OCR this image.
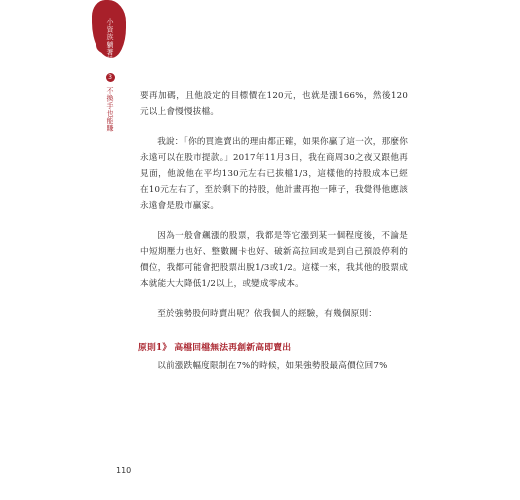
小資族
躺著投資
3
不換手也能賺	要再加碼，且他設定的目標價在120元，也就是漲166%，然後120元以上會慢慢拔檔。

我說：「你的買進賣出的理由都正確，如果你贏了這一次，那麼你永遠可以在股市提款。」2017年11月3日，我在商周30之夜又跟他再見面，他說他在平均130元左右已拔檔1/3，這樣他的持股成本已經在10元左右了，至於剩下的持股，他計畫再抱一陣子，我覺得他應該永遠會是股市贏家。

因為一般會飆漲的股票，我都是等它漲到某一個程度後，不論是中短期壓力也好、整數關卡也好、破新高拉回或是到自己預設停利的價位，我都可能會把股票出脫1/3或1/2。這樣一來，我其他的股票成本就能大大降低1/2以上，或變成零成本。

至於強勢股何時賣出呢？依我個人的經驗，有幾個原則：

原則1》 高檔回檔無法再創新高即賣出

以前漲跌幅度限制在7%的時候，如果強勢股最高價位回7%

110
